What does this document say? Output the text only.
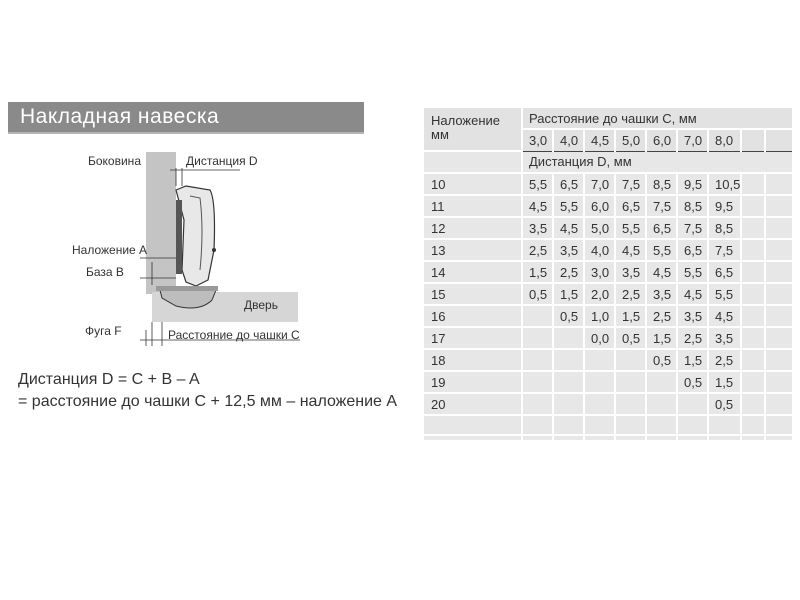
Накладная навеска
Боковина	Дистанция D
Наложение A
База B
Дверь
Фуга F	Расстояние до чашки C
Дистанция D = C + B – A
= расстояние до чашки C + 12,5 мм – наложение A
Наложение мм	Расстояние до чашки C, мм								
	3,0	4,0	4,5	5,0	6,0	7,0	8,0		
	Дистанция D, мм								
10	5,5	6,5	7,0	7,5	8,5	9,5	10,5		
11	4,5	5,5	6,0	6,5	7,5	8,5	9,5		
12	3,5	4,5	5,0	5,5	6,5	7,5	8,5		
13	2,5	3,5	4,0	4,5	5,5	6,5	7,5		
14	1,5	2,5	3,0	3,5	4,5	5,5	6,5		
15	0,5	1,5	2,0	2,5	3,5	4,5	5,5		
16		0,5	1,0	1,5	2,5	3,5	4,5		
17			0,0	0,5	1,5	2,5	3,5		
18					0,5	1,5	2,5		
19						0,5	1,5		
20							0,5		
